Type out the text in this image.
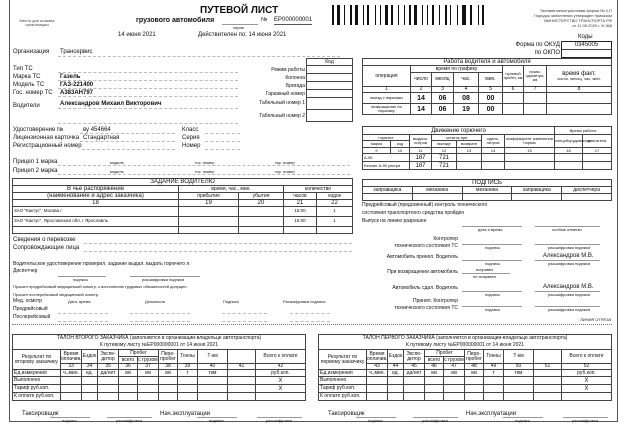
Место для штампа организации
ПУТЕВОЙ ЛИСТ
грузового автомобиля
серия
№ ЕР000000001
14 июня 2021	Действителен по: 14 июня 2021
Типовая межотраслевая форма № 4-П
Порядок заполнения утвержден приказом
МИНИСТЕРСТВО ТРАНСПОРТА РФ
от 11.09.2020 г. N 368
Коды
Форма по ОКУД
по ОКПО
0345005
Организация Трансервис
Тип ТС
Марка ТС	Газель
Модель ТС	ГАЗ-221400
Гос. номер ТС А383АН797
Водители	Александров Михаил Викторович
Удостоверение №	ву 454664	Класс
Лицензионная карточка Стандартная	Серия
Регистрационный номер	Номер
Прицеп 1 марка	модель	гос. номер	гар. номер
Прицеп 2 марка	модель	гос. номер	гар. номер
Режим работы
Колонна
Бригада
Гаражный номер
Табельный номер 1
Табельный номер 2
Код	Работа водителя и автомобиля							
операция	время по графику				нулевой пробег, км	показ. одометра, км	время факт.
число, месяц, час, мин.

	число	месяц	час.	мин.			
1	2	3	4	5	6	7	8
выезд с парковки	14	06	08	00			
возвращение на парковку	14	06	19	00			
Движение горючего							Время работы	
горючее		выданo, литров	остаток при		сдано, литров	коэффициент изменения нормы	спецоборудования	двигателя
марка	код		выезде	возврате				
9	10	11	12	13	14	15	16	17
А-95		187	721					
Бензин А-95 ультра		187	721					
ПОДПИСЬ				
заправщика	механика	механика	заправщика	диспетчера

ЗАДАНИЕ ВОДИТЕЛЮ				
В чье распоряжение	время, час., мин.		количество	
(наименование и адрес заказчика)	прибытия	убытия	часов	ездок
18	19	20	21	22
ЗАО "Кактус", Москва г			15:00	1
ЗАО "Кактус", Ярославская обл, г Ярославль			15:00	1

Сведения о перевозке
Сопровождающие лица
Водительское удостоверение проверил, задание выдал, выдать горючего л.
Диспетчер
подпись	расшифровка подписи
Прошел предрейсовый медицинский осмотр, к исполнению трудовых обязанностей допущен.
Прошел послерейсовый медицинский осмотр.
Мед. осмотр	Дата, время	Должность	Подпись	Расшифровка подписи
Предрейсовый
Послерейсовый
Предрейсовый (предсменный) контроль технического
состояния транспортного средства пройден
Выпуск на линию разрешен
дата и время	особые отметки
Контролер
технического состояния ТС	подпись	расшифровка подписи
Автомобиль принял. Водитель	Александров М.В.
подпись	расшифровка подписи
При возвращении автомобиль	исправен
не исправен
Автомобиль сдал. Водитель	Александров М.В.
подпись	расшифровка подписи
Принял. Контролер
технического состояния ТС	подпись	расшифровка подписи
ЛИНИЯ ОТРЕЗА
ТАЛОН ВТОРОГО ЗАКАЗЧИКА (заполняется в организации-владельце автотранспорта)										
К путевому листу №ЕР000000001 от 14 июня 2021										
Результат по второму заказчику	Время оплачив.	Ездок	Экспе-дитор	Пробег		Пере-пробег	Тонны	Т-км		Всего к оплате
				всего	с грузом					
	33	34	35	36	37	38	39	40	41	42
Ед.измерения	ч.,мин.	ед.	да/нет	км	км	км	т	ткм		руб.коп.
Выполнено										X
Тариф руб.коп.										X
К оплате руб.коп.										
Таксировщик
подпись	расшифровка
Нач.эксплуатации
подпись	расшифровка
ТАЛОН ПЕРВОГО ЗАКАЗЧИКА (заполняется в организации-владельце автотранспорта)										
К путевому листу №ЕР000000001 от 14 июня 2021										
Результат по первому заказчику	Время оплачив.	Ездок	Экспе-дитор	Пробег		Пере-пробег	Тонны	Т-км		Всего к оплате
				всего	с грузом					
	43	44	45	46	47	48	49	50	51	52
Ед.измерения	ч.,мин.	ед.	да/нет	км	км	км	т	ткм		руб.коп.
Выполнено										X
Тариф руб.коп.										X
К оплате руб.коп.										
Таксировщик
подпись	расшифровка
Нач.эксплуатации
подпись	расшифровка
